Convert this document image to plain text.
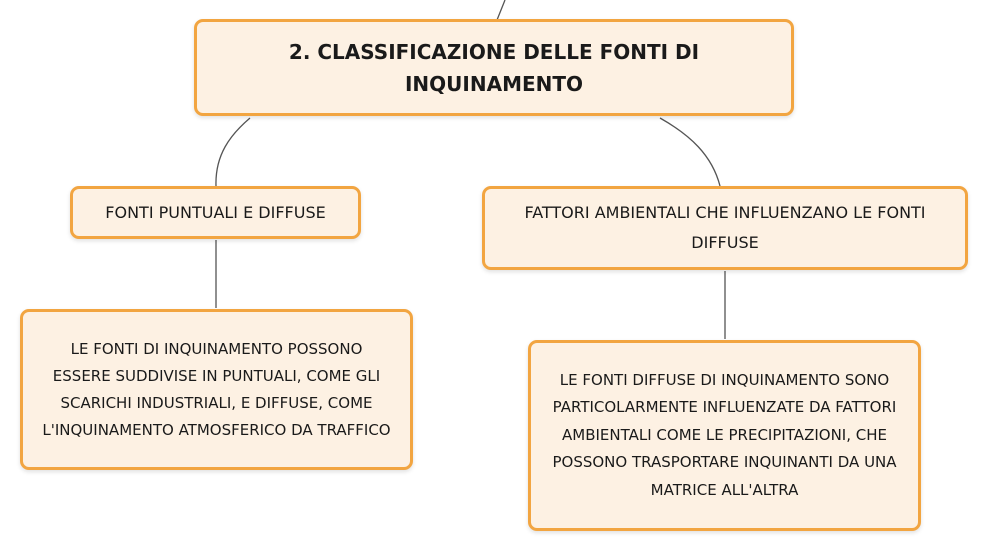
2. CLASSIFICAZIONE DELLE FONTI DI INQUINAMENTO
FONTI PUNTUALI E DIFFUSE	FATTORI AMBIENTALI CHE INFLUENZANO LE FONTI DIFFUSE
LE FONTI DI INQUINAMENTO POSSONO ESSERE SUDDIVISE IN PUNTUALI, COME GLI SCARICHI INDUSTRIALI, E DIFFUSE, COME L'INQUINAMENTO ATMOSFERICO DA TRAFFICO
LE FONTI DIFFUSE DI INQUINAMENTO SONO PARTICOLARMENTE INFLUENZATE DA FATTORI AMBIENTALI COME LE PRECIPITAZIONI, CHE POSSONO TRASPORTARE INQUINANTI DA UNA MATRICE ALL'ALTRA
